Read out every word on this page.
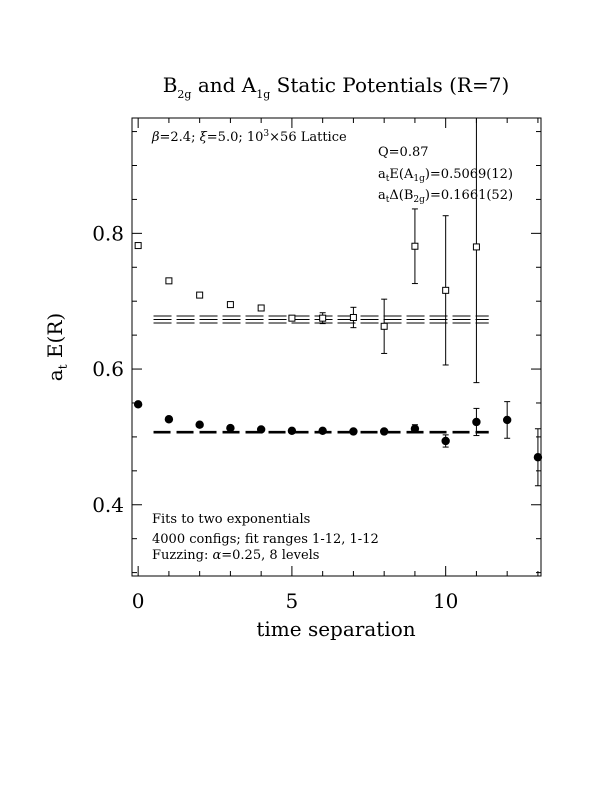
$B_{2g}$ and $A_{1g}$ Static Potentials (R=7)
0	5	10
0.4
0.6
0.8
$a_t$ E(R)
time separation
β=2.4; ξ=5.0; $10^3\times 56$ Lattice
Q=0.87
$a_tE(A_{1g})=0.5069(12)$
$a_t\Delta(B_{2g})=0.1661(52)$
Fits to two exponentials
4000 configs; fit ranges 1-12, 1-12
Fuzzing: α=0.25, 8 levels
